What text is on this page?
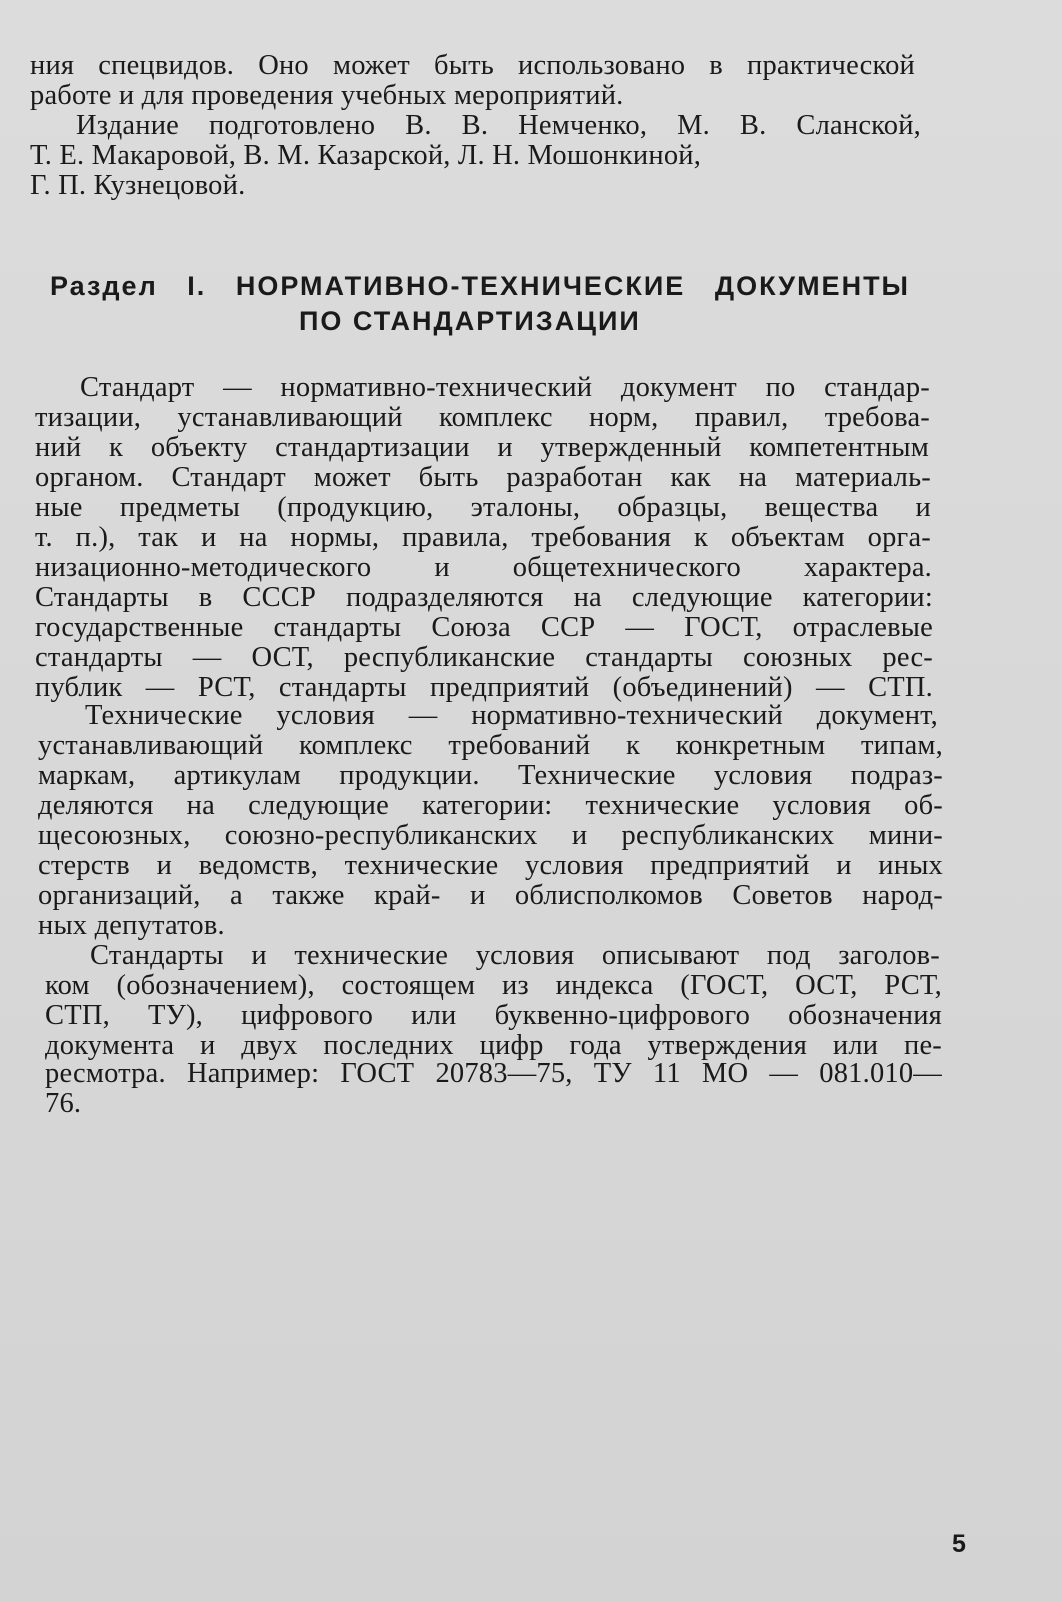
ния спецвидов. Оно может быть использовано в практической
работе и для проведения учебных мероприятий.
Издание подготовлено В. В. Немченко, М. В. Сланской,
Т. Е. Макаровой, В. М. Казарской, Л. Н. Мошонкиной,
Г. П. Кузнецовой.
Раздел I. НОРМАТИВНО-ТЕХНИЧЕСКИЕ ДОКУМЕНТЫ
ПО СТАНДАРТИЗАЦИИ
Стандарт — нормативно-технический документ по стандар-
тизации, устанавливающий комплекс норм, правил, требова-
ний к объекту стандартизации и утвержденный компетентным
органом. Стандарт может быть разработан как на материаль-
ные предметы (продукцию, эталоны, образцы, вещества и
т. п.), так и на нормы, правила, требования к объектам орга-
низационно-методического и общетехнического характера.
Стандарты в СССР подразделяются на следующие категории:
государственные стандарты Союза ССР — ГОСТ, отраслевые
стандарты — ОСТ, республиканские стандарты союзных рес-
публик — РСТ, стандарты предприятий (объединений) — СТП.
Технические условия — нормативно-технический документ,
устанавливающий комплекс требований к конкретным типам,
маркам, артикулам продукции. Технические условия подраз-
деляются на следующие категории: технические условия об-
щесоюзных, союзно-республиканских и республиканских мини-
стерств и ведомств, технические условия предприятий и иных
организаций, а также край- и облисполкомов Советов народ-
ных депутатов.
Стандарты и технические условия описывают под заголов-
ком (обозначением), состоящем из индекса (ГОСТ, ОСТ, РСТ,
СТП, ТУ), цифрового или буквенно-цифрового обозначения
документа и двух последних цифр года утверждения или пе-
ресмотра. Например: ГОСТ 20783—75, ТУ 11 МО — 081.010—
76.
5
